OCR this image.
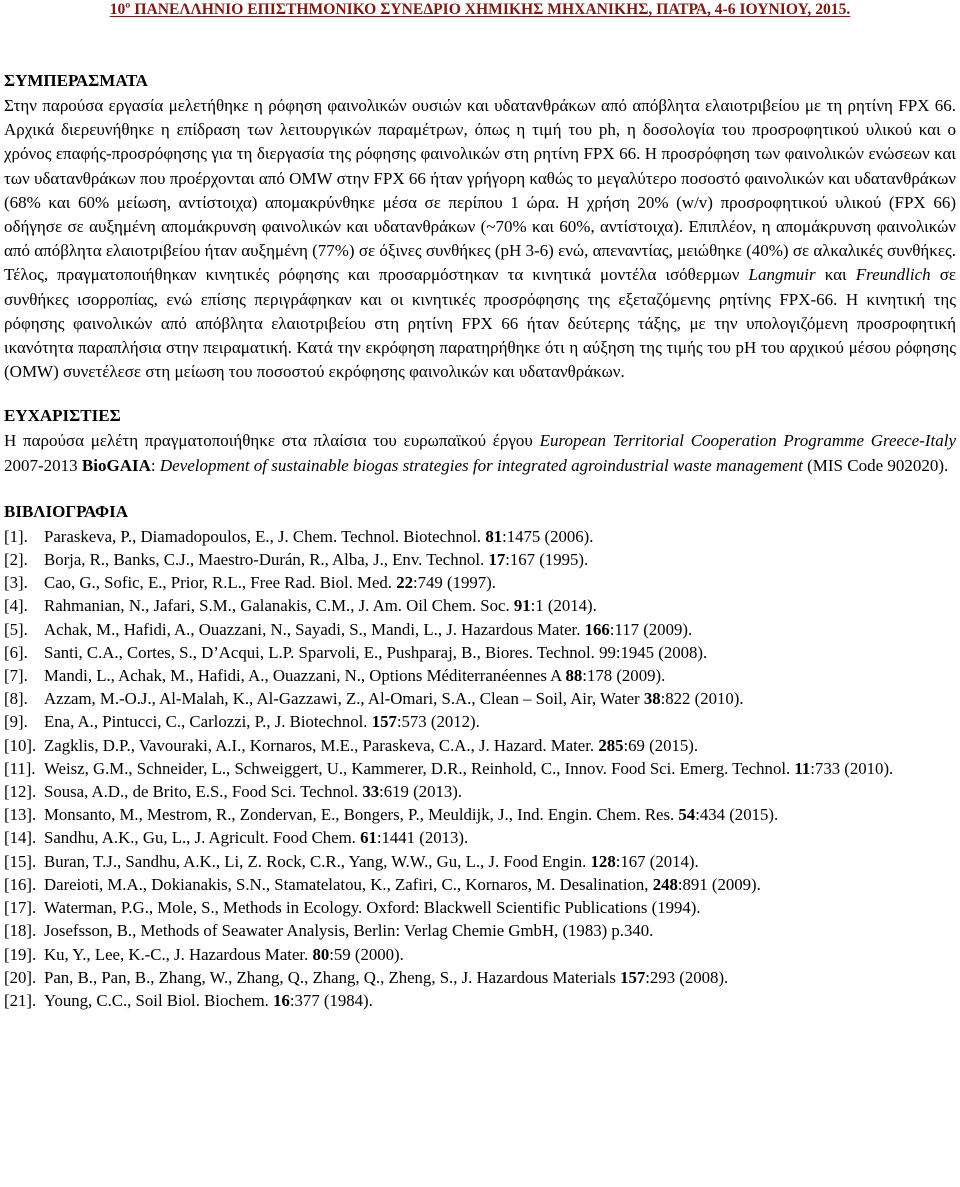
10º ΠΑΝΕΛΛΗΝΙΟ ΕΠΙΣΤΗΜΟΝΙΚΟ ΣΥΝΕΔΡΙΟ ΧΗΜΙΚΗΣ ΜΗΧΑΝΙΚΗΣ, ΠΑΤΡΑ, 4-6 ΙΟΥΝΙΟΥ, 2015.
ΣΥΜΠΕΡΑΣΜΑΤΑ

Στην παρούσα εργασία μελετήθηκε η ρόφηση φαινολικών ουσιών και υδατανθράκων από απόβλητα ελαιοτριβείου με τη ρητίνη FPX 66. Αρχικά διερευνήθηκε η επίδραση των λειτουργικών παραμέτρων, όπως η τιμή του ph, η δοσολογία του προσροφητικού υλικού και ο χρόνος επαφής-προσρόφησης για τη διεργασία της ρόφησης φαινολικών στη ρητίνη FPX 66. Η προσρόφηση των φαινολικών ενώσεων και των υδατανθράκων που προέρχονται από OMW στην FPX 66 ήταν γρήγορη καθώς το μεγαλύτερο ποσοστό φαινολικών και υδατανθράκων (68% και 60% μείωση, αντίστοιχα) απομακρύνθηκε μέσα σε περίπου 1 ώρα. Η χρήση 20% (w/v) προσροφητικού υλικού (FPX 66) οδήγησε σε αυξημένη απομάκρυνση φαινολικών και υδατανθράκων (~70% και 60%, αντίστοιχα). Επιπλέον, η απομάκρυνση φαινολικών από απόβλητα ελαιοτριβείου ήταν αυξημένη (77%) σε όξινες συνθήκες (pH 3-6) ενώ, απεναντίας, μειώθηκε (40%) σε αλκαλικές συνθήκες. Τέλος, πραγματοποιήθηκαν κινητικές ρόφησης και προσαρμόστηκαν τα κινητικά μοντέλα ισόθερμων Langmuir και Freundlich σε συνθήκες ισορροπίας, ενώ επίσης περιγράφηκαν και οι κινητικές προσρόφησης της εξεταζόμενης ρητίνης FPX-66. Η κινητική της ρόφησης φαινολικών από απόβλητα ελαιοτριβείου στη ρητίνη FPX 66 ήταν δεύτερης τάξης, με την υπολογιζόμενη προσροφητική ικανότητα παραπλήσια στην πειραματική. Κατά την εκρόφηση παρατηρήθηκε ότι η αύξηση της τιμής του pH του αρχικού μέσου ρόφησης (OMW) συνετέλεσε στη μείωση του ποσοστού εκρόφησης φαινολικών και υδατανθράκων.

ΕΥΧΑΡΙΣΤΙΕΣ

Η παρούσα μελέτη πραγματοποιήθηκε στα πλαίσια του ευρωπαϊκού έργου European Territorial Cooperation Programme Greece-Italy 2007-2013 BioGAIA: Development of sustainable biogas strategies for integrated agroindustrial waste management (MIS Code 902020).

ΒΙΒΛΙΟΓΡΑΦΙΑ
[1]. Paraskeva, P., Diamadopoulos, E., J. Chem. Technol. Biotechnol. 81:1475 (2006).
[2]. Borja, R., Banks, C.J., Maestro-Durán, R., Alba, J., Env. Technol. 17:167 (1995).
[3]. Cao, G., Sofic, E., Prior, R.L., Free Rad. Biol. Med. 22:749 (1997).
[4]. Rahmanian, N., Jafari, S.M., Galanakis, C.M., J. Am. Oil Chem. Soc. 91:1 (2014).
[5]. Achak, M., Hafidi, A., Ouazzani, N., Sayadi, S., Mandi, L., J. Hazardous Mater. 166:117 (2009).
[6]. Santi, C.A., Cortes, S., D’Acqui, L.P. Sparvoli, E., Pushparaj, B., Biores. Technol. 99:1945 (2008).
[7]. Mandi, L., Achak, M., Hafidi, A., Ouazzani, N., Options Méditerranéennes A 88:178 (2009).
[8]. Azzam, M.-O.J., Al-Malah, K., Al-Gazzawi, Z., Al-Omari, S.A., Clean – Soil, Air, Water 38:822 (2010).
[9]. Ena, A., Pintucci, C., Carlozzi, P., J. Biotechnol. 157:573 (2012).
[10]. Zagklis, D.P., Vavouraki, A.I., Kornaros, M.E., Paraskeva, C.A., J. Hazard. Mater. 285:69 (2015).
[11]. Weisz, G.M., Schneider, L., Schweiggert, U., Kammerer, D.R., Reinhold, C., Innov. Food Sci. Emerg. Technol. 11:733 (2010).
[12]. Sousa, A.D., de Brito, E.S., Food Sci. Technol. 33:619 (2013).
[13]. Monsanto, M., Mestrom, R., Zondervan, E., Bongers, P., Meuldijk, J., Ind. Engin. Chem. Res. 54:434 (2015).
[14]. Sandhu, A.K., Gu, L., J. Agricult. Food Chem. 61:1441 (2013).
[15]. Buran, T.J., Sandhu, A.K., Li, Z. Rock, C.R., Yang, W.W., Gu, L., J. Food Engin. 128:167 (2014).
[16]. Dareioti, M.A., Dokianakis, S.N., Stamatelatou, K., Zafiri, C., Kornaros, M. Desalination, 248:891 (2009).
[17]. Waterman, P.G., Mole, S., Methods in Ecology. Oxford: Blackwell Scientific Publications (1994).
[18]. Josefsson, B., Methods of Seawater Analysis, Berlin: Verlag Chemie GmbH, (1983) p.340.
[19]. Ku, Y., Lee, K.-C., J. Hazardous Mater. 80:59 (2000).
[20]. Pan, B., Pan, B., Zhang, W., Zhang, Q., Zhang, Q., Zheng, S., J. Hazardous Materials 157:293 (2008).
[21]. Young, C.C., Soil Biol. Biochem. 16:377 (1984).
